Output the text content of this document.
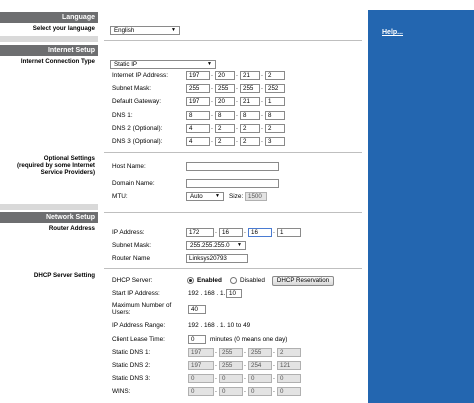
Language
Select your language
Internet Setup
Internet Connection Type
Optional Settings
(required by some Internet
Service Providers)
Network Setup
Router Address
DHCP Server Setting
English	▼
Static IP	▼
Internet IP Address:	197	. 20	. 21	. 2
Subnet Mask:	255	. 255	. 255	. 252
Default Gateway:	197	. 20	. 21	. 1
DNS 1:	8	. 8	. 8	. 8
DNS 2 (Optional):	4	. 2	. 2	. 2
DNS 3 (Optional):	4	. 2	. 2	. 3
Host Name:
Domain Name:
MTU:	Auto ▼ Size: 1500
IP Address:	172	. 16	. 16	. 1
Subnet Mask:	255.255.255.0 ▼
Router Name	Linksys20793
DHCP Server:	Enabled	Disabled	DHCP Reservation
Start IP Address:	192 . 168 . 1. 10
Maximum Number of
Users:	40
IP Address Range:	192 . 168 . 1. 10 to 49
Client Lease Time:	0	minutes (0 means one day)
Static DNS 1:	197	. 255	. 255	. 2
Static DNS 2:	197	. 255	. 254	. 121
Static DNS 3:	0	. 0	. 0	. 0
WINS:	0	. 0	. 0	. 0
Help...
